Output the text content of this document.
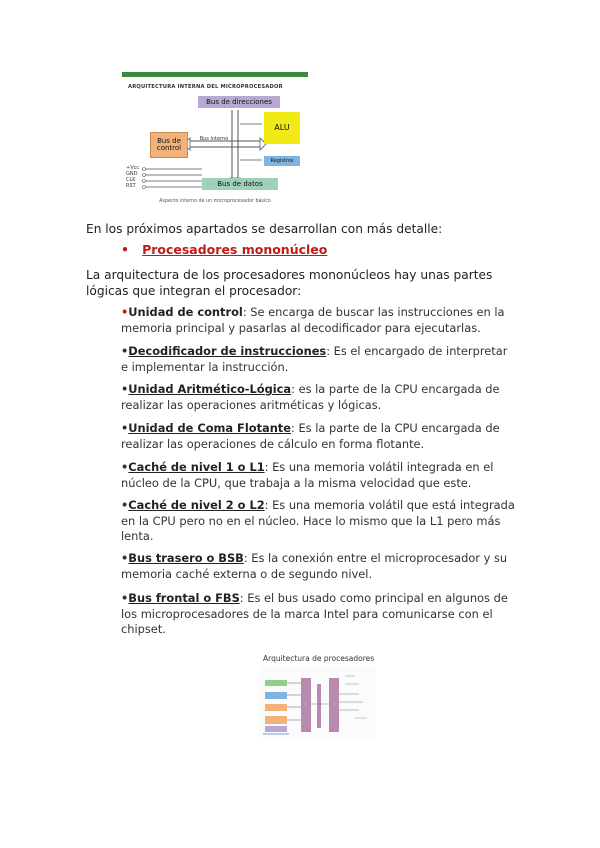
ARQUITECTURA INTERNA DEL MICROPROCESADOR
Bus de direcciones
Bus de control
ALU
Bus interno
Registros
Bus de datos
+Vcc
GND
CLK
RST
Aspecto interno de un microprocesador básico
En los próximos apartados se desarrollan con más detalle:
• Procesadores mononúcleo
La arquitectura de los procesadores mononúcleos hay unas partes lógicas que integran el procesador:
•Unidad de control: Se encarga de buscar las instrucciones en la memoria principal y pasarlas al decodificador para ejecutarlas.
•Decodificador de instrucciones: Es el encargado de interpretar e implementar la instrucción.
•Unidad Aritmético-Lógica: es la parte de la CPU encargada de realizar las operaciones aritméticas y lógicas.
•Unidad de Coma Flotante: Es la parte de la CPU encargada de realizar las operaciones de cálculo en forma flotante.
•Caché de nivel 1 o L1: Es una memoria volátil integrada en el núcleo de la CPU, que trabaja a la misma velocidad que este.
•Caché de nivel 2 o L2: Es una memoria volátil que está integrada en la CPU pero no en el núcleo. Hace lo mismo que la L1 pero más lenta.
•Bus trasero o BSB: Es la conexión entre el microprocesador y su memoria caché externa o de segundo nivel.
•Bus frontal o FBS: Es el bus usado como principal en algunos de los microprocesadores de la marca Intel para comunicarse con el chipset.
Arquitectura de procesadores
